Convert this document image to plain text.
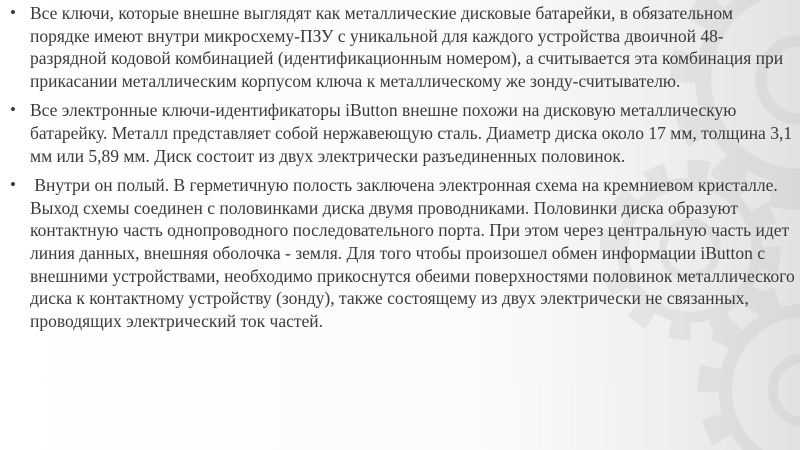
• Все ключи, которые внешне выглядят как металлические дисковые батарейки, в обязательном порядке имеют внутри микросхему-ПЗУ с уникальной для каждого устройства двоичной 48-разрядной кодовой комбинацией (идентификационным номером), а считывается эта комбинация при прикасании металлическим корпусом ключа к металлическому же зонду-считывателю.
• Все электронные ключи-идентификаторы iButton внешне похожи на дисковую металлическую батарейку. Металл представляет собой нержавеющую сталь. Диаметр диска около 17 мм, толщина 3,1 мм или 5,89 мм. Диск состоит из двух электрически разъединенных половинок.
• Внутри он полый. В герметичную полость заключена электронная схема на кремниевом кристалле. Выход схемы соединен с половинками диска двумя проводниками. Половинки диска образуют контактную часть однопроводного последовательного порта. При этом через центральную часть идет линия данных, внешняя оболочка - земля. Для того чтобы произошел обмен информации iButton с внешними устройствами, необходимо прикоснутся обеими поверхностями половинок металлического диска к контактному устройству (зонду), также состоящему из двух электрически не связанных, проводящих электрический ток частей.
